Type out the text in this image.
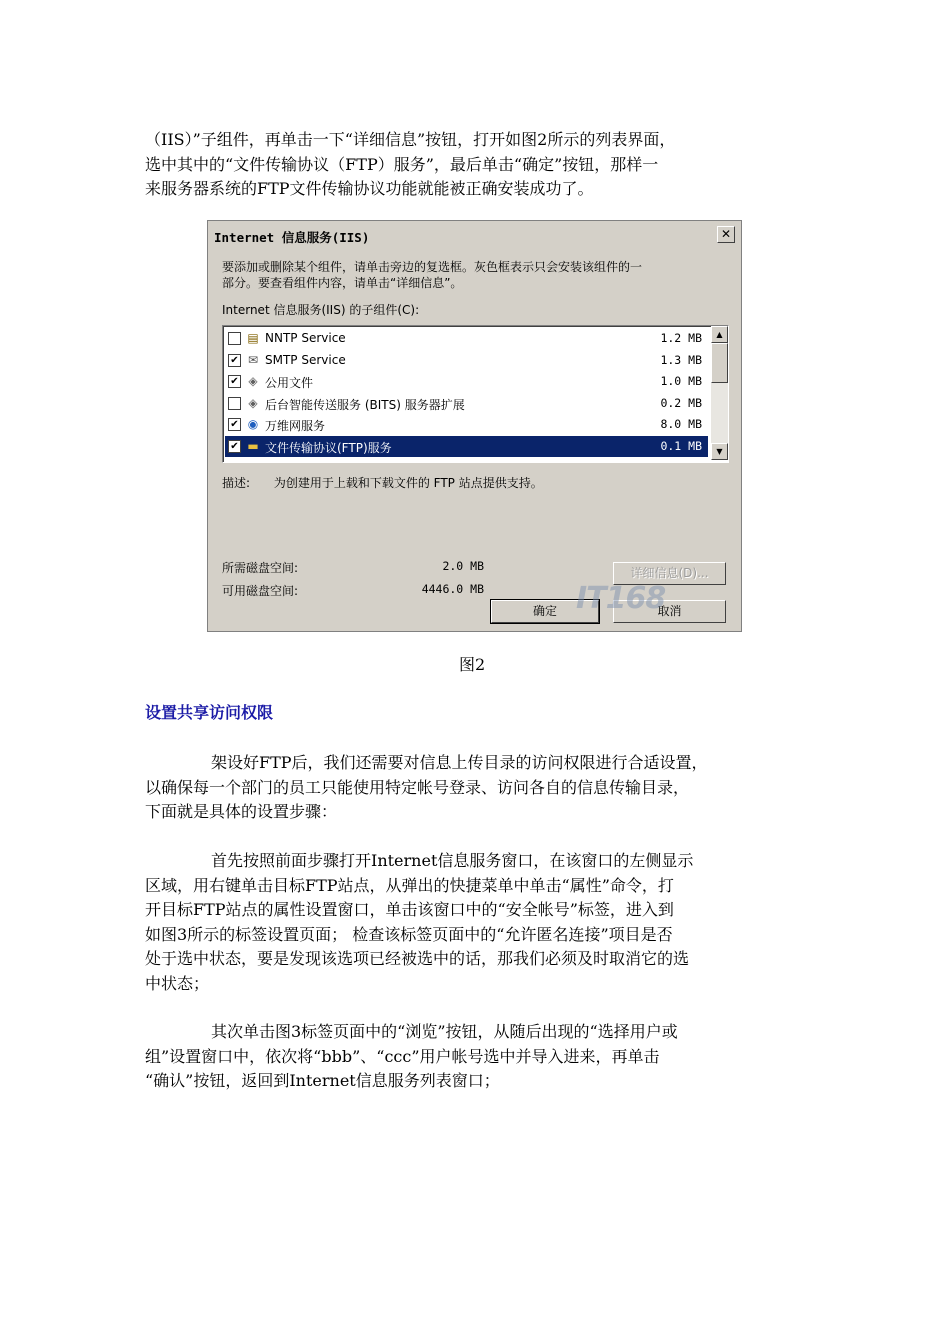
（IIS）”子组件，再单击一下“详细信息”按钮，打开如图2所示的列表界面，
选中其中的“文件传输协议（FTP）服务”，最后单击“确定”按钮，那样一
来服务器系统的FTP文件传输协议功能就能被正确安装成功了。
Internet 信息服务(IIS)	✕
要添加或删除某个组件，请单击旁边的复选框。灰色框表示只会安装该组件的一
部分。要查看组件内容，请单击“详细信息”。
Internet 信息服务(IIS) 的子组件(C):
▲
▼
▤ NNTP Service	1.2 MB
✔ ✉ SMTP Service	1.3 MB
✔ ◈ 公用文件	1.0 MB
◈ 后台智能传送服务 (BITS) 服务器扩展	0.2 MB
✔ ◉ 万维网服务	8.0 MB
✔ ▬ 文件传输协议(FTP)服务	0.1 MB
描述: 为创建用于上载和下载文件的 FTP 站点提供支持。
所需磁盘空间:	2.0 MB
可用磁盘空间:	4446.0 MB
详细信息(D)...
确定	取消
IT168
图2
设置共享访问权限
架设好FTP后，我们还需要对信息上传目录的访问权限进行合适设置，
以确保每一个部门的员工只能使用特定帐号登录、访问各自的信息传输目录，
下面就是具体的设置步骤：
首先按照前面步骤打开Internet信息服务窗口，在该窗口的左侧显示
区域，用右键单击目标FTP站点，从弹出的快捷菜单中单击“属性”命令，打
开目标FTP站点的属性设置窗口，单击该窗口中的“安全帐号”标签，进入到
如图3所示的标签设置页面； 检查该标签页面中的“允许匿名连接”项目是否
处于选中状态，要是发现该选项已经被选中的话，那我们必须及时取消它的选
中状态；
其次单击图3标签页面中的“浏览”按钮，从随后出现的“选择用户或
组”设置窗口中，依次将“bbb”、“ccc”用户帐号选中并导入进来，再单击
“确认”按钮，返回到Internet信息服务列表窗口；
